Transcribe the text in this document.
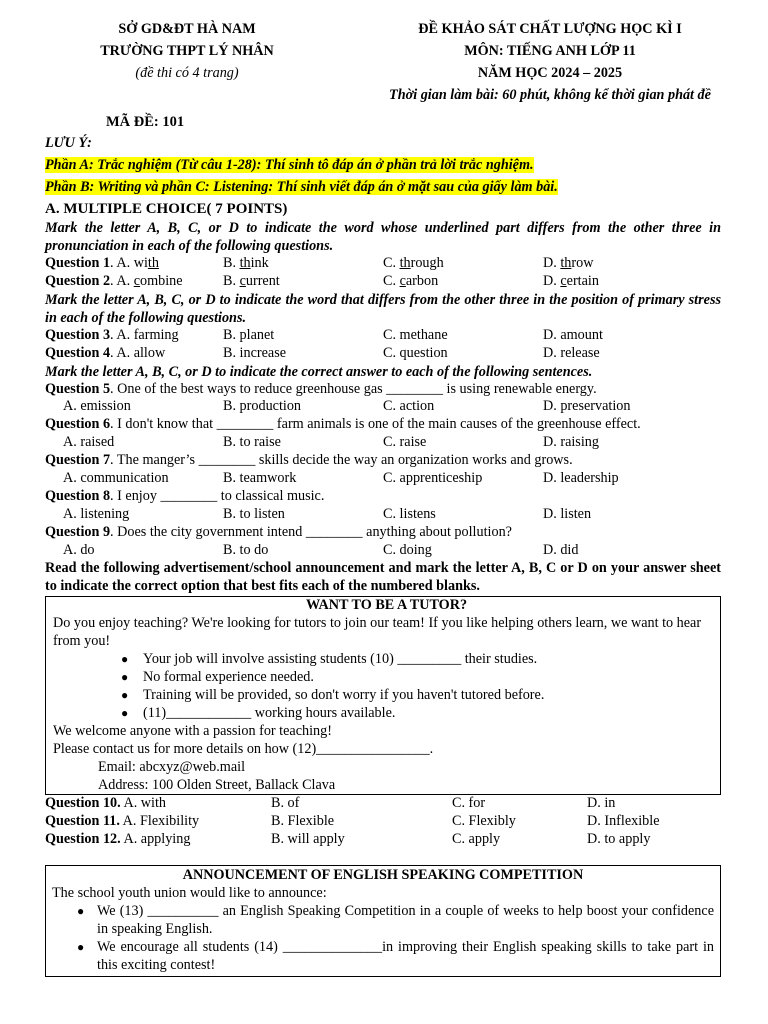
SỞ GD&ĐT HÀ NAM
TRƯỜNG THPT LÝ NHÂN
(đề thi có 4 trang)
ĐỀ KHẢO SÁT CHẤT LƯỢNG HỌC KÌ I
MÔN: TIẾNG ANH LỚP 11
NĂM HỌC 2024 – 2025
Thời gian làm bài: 60 phút, không kể thời gian phát đề
MÃ ĐỀ: 101
LƯU Ý:
Phần A: Trắc nghiệm (Từ câu 1-28): Thí sinh tô đáp án ở phần trả lời trắc nghiệm.
Phần B: Writing và phần C: Listening: Thí sinh viết đáp án ở mặt sau của giấy làm bài.
A. MULTIPLE CHOICE( 7 POINTS)
Mark the letter A, B, C, or D to indicate the word whose underlined part differs from the other three in pronunciation in each of the following questions.
Question 1. A. with	B. think	C. through	D. throw
Question 2. A. combine	B. current	C. carbon	D. certain
Mark the letter A, B, C, or D to indicate the word that differs from the other three in the position of primary stress in each of the following questions.
Question 3. A. farming	B. planet	C. methane	D. amount
Question 4. A. allow	B. increase	C. question	D. release
Mark the letter A, B, C, or D to indicate the correct answer to each of the following sentences.
Question 5. One of the best ways to reduce greenhouse gas ________ is using renewable energy.
A. emission	B. production	C. action	D. preservation
Question 6. I don't know that ________ farm animals is one of the main causes of the greenhouse effect.
A. raised	B. to raise	C. raise	D. raising
Question 7. The manger’s ________ skills decide the way an organization works and grows.
A. communication	B. teamwork	C. apprenticeship	D. leadership
Question 8. I enjoy ________ to classical music.
A. listening	B. to listen	C. listens	D. listen
Question 9. Does the city government intend ________ anything about pollution?
A. do	B. to do	C. doing	D. did
Read the following advertisement/school announcement and mark the letter A, B, C or D on your answer sheet to indicate the correct option that best fits each of the numbered blanks.
WANT TO BE A TUTOR?
Do you enjoy teaching? We're looking for tutors to join our team! If you like helping others learn, we want to hear from you!
● Your job will involve assisting students (10) _________ their studies.
● No formal experience needed.
● Training will be provided, so don't worry if you haven't tutored before.
● (11)____________ working hours available.
We welcome anyone with a passion for teaching!
Please contact us for more details on how (12)________________.
Email: abcxyz@web.mail
Address: 100 Olden Street, Ballack Clava
Question 10. A. with	B. of	C. for	D. in
Question 11. A. Flexibility	B. Flexible	C. Flexibly	D. Inflexible
Question 12. A. applying	B. will apply	C. apply	D. to apply
ANNOUNCEMENT OF ENGLISH SPEAKING COMPETITION
The school youth union would like to announce:
● We (13) __________ an English Speaking Competition in a couple of weeks to help boost your confidence in speaking English.
● We encourage all students (14) ______________in improving their English speaking skills to take part in this exciting contest!
